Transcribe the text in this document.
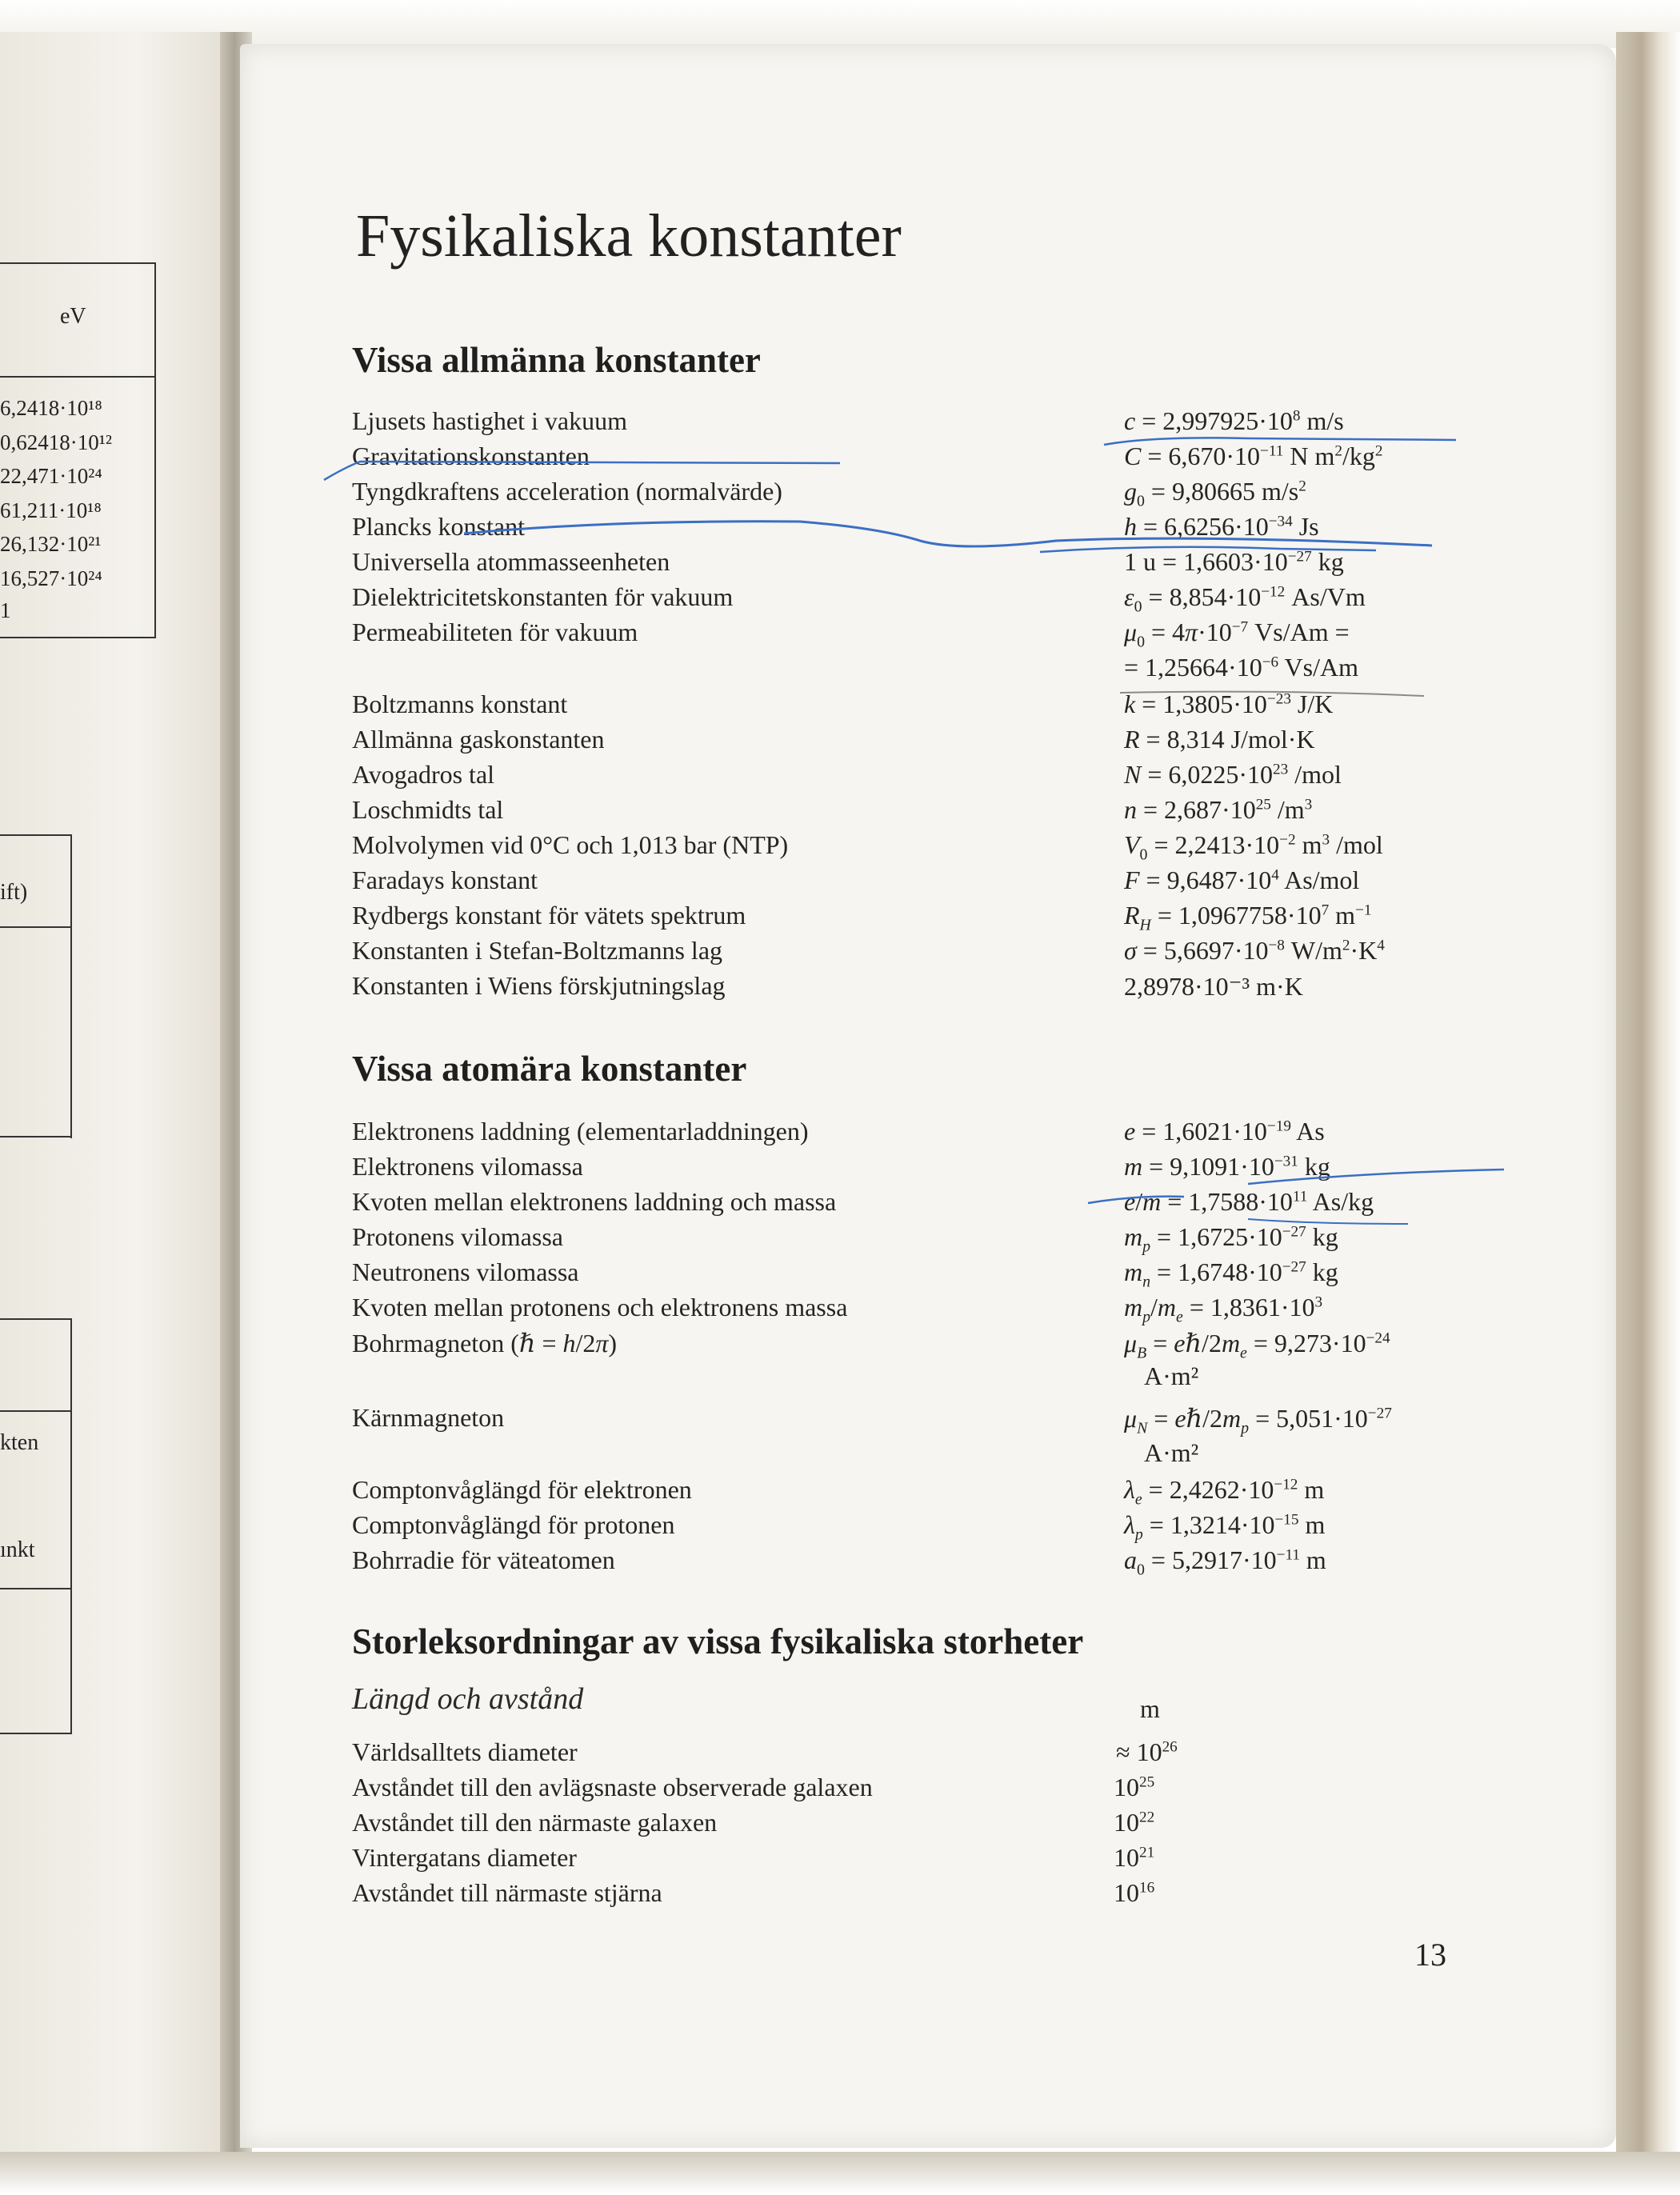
eV
6,2418·10¹⁸
0,62418·10¹²
22,471·10²⁴
61,211·10¹⁸
26,132·10²¹
16,527·10²⁴
1
ift)
kten
ınkt
Fysikaliska konstanter
Vissa allmänna konstanter
Ljusets hastighet i vakuum	$c = 2,997925\cdot 10^8$ m/s
Gravitationskonstanten	$C = 6,670\cdot 10^{-11}$ N $m^2/kg^2$
Tyngdkraftens acceleration (normalvärde)	$g_0 = 9,80665$ $m/s^2$
Plancks konstant	$h = 6,6256\cdot 10^{-34}$ Js
Universella atommasseenheten	1 $u = 1,6603\cdot 10^{-27}$ kg
Dielektricitetskonstanten för vakuum	$\varepsilon_0 = 8,854\cdot 10^{-12}$ As/Vm
Permeabiliteten för vakuum	$\mu_0 = 4\pi\cdot 10^{-7}$ Vs/Am =
= $1,25664\cdot 10^{-6}$ Vs/Am
Boltzmanns konstant	$k = 1,3805\cdot 10^{-23}$ J/K
Allmänna gaskonstanten	R = 8,314 J/mol·K
Avogadros tal	$N = 6,0225\cdot 10^{23}$ /mol
Loschmidts tal	$n = 2,687\cdot 10^{25}$ $/m^3$
Molvolymen vid 0°C och 1,013 bar (NTP)	$V_0 = 2,2413\cdot 10^{-2}$ $m^3$ /mol
Faradays konstant	$F = 9,6487\cdot 10^4$ As/mol
Rydbergs konstant för vätets spektrum	$R_H = 1,0967758\cdot 10^7$ $m^{-1}$
Konstanten i Stefan-Boltzmanns lag	$\sigma = 5,6697\cdot 10^{-8}$ $W/m^2\cdot K^4$
Konstanten i Wiens förskjutningslag	2,8978·10⁻³ m·K
Vissa atomära konstanter
Elektronens laddning (elementarladdningen)	$e = 1,6021\cdot 10^{-19}$ As
Elektronens vilomassa	$m = 9,1091\cdot 10^{-31}$ kg
Kvoten mellan elektronens laddning och massa	$e/m = 1,7588\cdot 10^{11}$ As/kg
Protonens vilomassa	$m_p = 1,6725\cdot 10^{-27}$ kg
Neutronens vilomassa	$m_n = 1,6748\cdot 10^{-27}$ kg
Kvoten mellan protonens och elektronens massa	$m_p/m_e = 1,8361\cdot 10^3$
Bohrmagneton (ℏ = h/2π)	$\mu_B$ = $e\hbar/2m_e = 9,273\cdot 10^{-24}$
A·m²
Kärnmagneton	$\mu_N$ = $e\hbar/2m_p = 5,051\cdot 10^{-27}$
A·m²
Comptonvåglängd för elektronen	$\lambda_e = 2,4262\cdot 10^{-12}$ m
Comptonvåglängd för protonen	$\lambda_p = 1,3214\cdot 10^{-15}$ m
Bohrradie för väteatomen	$a_0 = 5,2917\cdot 10^{-11}$ m
Storleksordningar av vissa fysikaliska storheter
Längd och avstånd	m
Världsalltets diameter	≈ $10^{26}$
Avståndet till den avlägsnaste observerade galaxen	$10^{25}$
Avståndet till den närmaste galaxen	$10^{22}$
Vintergatans diameter	$10^{21}$
Avståndet till närmaste stjärna	$10^{16}$
13
